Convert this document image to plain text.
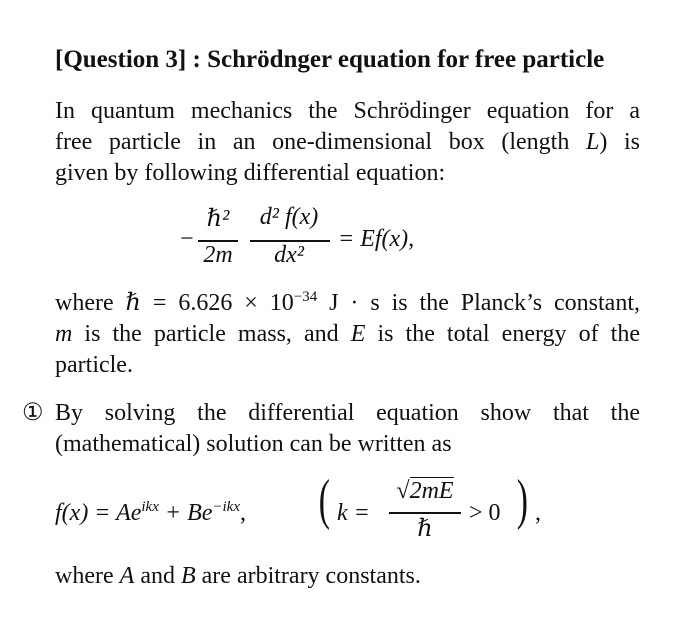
[Question 3] : Schrödnger equation for free particle
In quantum mechanics the Schrödinger equation for a
free particle in an one-dimensional box (length L) is
given by following differential equation:
−
ℏ²
2m
d² f(x)
dx²
= Ef(x),
where ℏ = $6.626 \times 10^{-34}$ J · s is the Planck’s constant,
m is the particle mass, and E is the total energy of the
particle.
① By solving the differential equation show that the
(mathematical) solution can be written as
$f(x) = Ae^{ikx} + Be^{-ikx}$, ( k =
√2mE
ℏ
> 0 ) ,
where A and B are arbitrary constants.
